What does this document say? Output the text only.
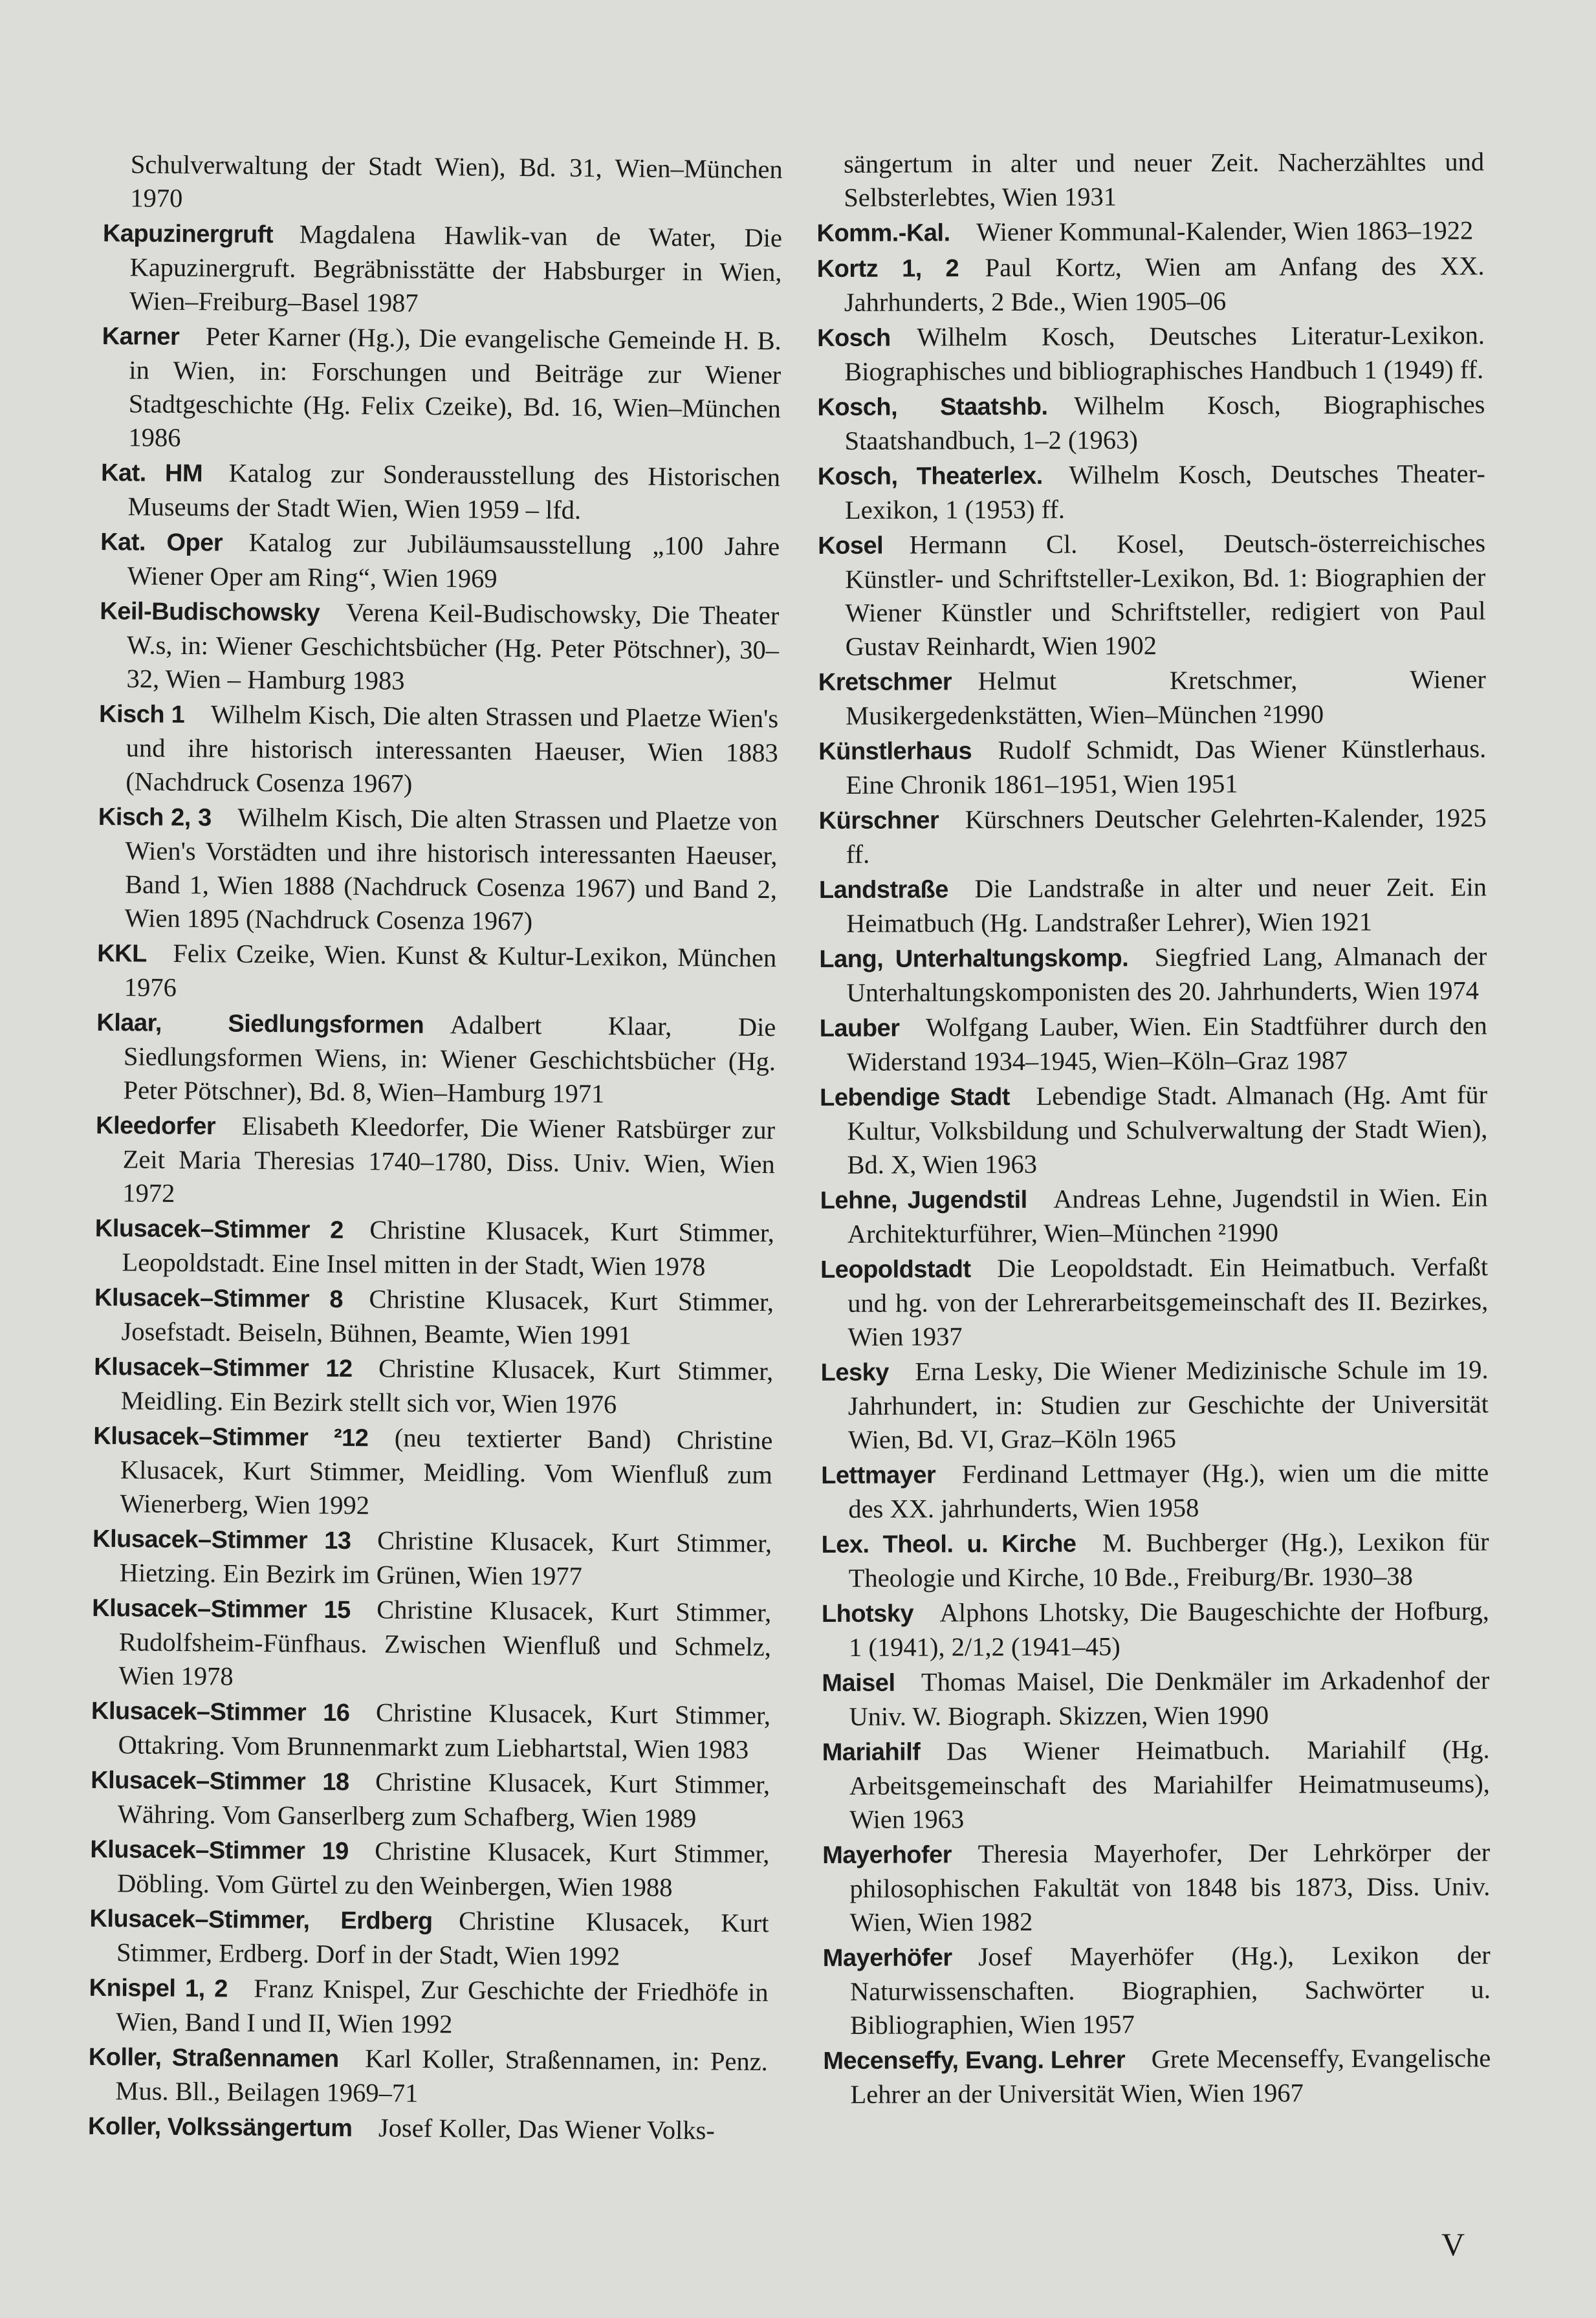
Schulverwaltung der Stadt Wien), Bd. 31, Wien–München 1970
Kapuzinergruft  Magdalena Hawlik-van de Water, Die Kapuzinergruft. Begräbnisstätte der Habsburger in Wien, Wien–Freiburg–Basel 1987
Karner  Peter Karner (Hg.), Die evangelische Gemeinde H. B. in Wien, in: Forschungen und Beiträge zur Wiener Stadtgeschichte (Hg. Felix Czeike), Bd. 16, Wien–München 1986
Kat. HM  Katalog zur Sonderausstellung des Historischen Museums der Stadt Wien, Wien 1959 – lfd.
Kat. Oper  Katalog zur Jubiläumsausstellung „100 Jahre Wiener Oper am Ring“, Wien 1969
Keil-Budischowsky  Verena Keil-Budischowsky, Die Theater W.s, in: Wiener Geschichtsbücher (Hg. Peter Pötschner), 30–32, Wien – Hamburg 1983
Kisch 1  Wilhelm Kisch, Die alten Strassen und Plaetze Wien's und ihre historisch interessanten Haeuser, Wien 1883 (Nachdruck Cosenza 1967)
Kisch 2, 3  Wilhelm Kisch, Die alten Strassen und Plaetze von Wien's Vorstädten und ihre historisch interessanten Haeuser, Band 1, Wien 1888 (Nachdruck Cosenza 1967) und Band 2, Wien 1895 (Nachdruck Cosenza 1967)
KKL  Felix Czeike, Wien. Kunst & Kultur-Lexikon, München 1976
Klaar, Siedlungsformen  Adalbert Klaar, Die Siedlungsformen Wiens, in: Wiener Geschichtsbücher (Hg. Peter Pötschner), Bd. 8, Wien–Hamburg 1971
Kleedorfer  Elisabeth Kleedorfer, Die Wiener Ratsbürger zur Zeit Maria Theresias 1740–1780, Diss. Univ. Wien, Wien 1972
Klusacek–Stimmer 2  Christine Klusacek, Kurt Stimmer, Leopoldstadt. Eine Insel mitten in der Stadt, Wien 1978
Klusacek–Stimmer 8  Christine Klusacek, Kurt Stimmer, Josefstadt. Beiseln, Bühnen, Beamte, Wien 1991
Klusacek–Stimmer 12  Christine Klusacek, Kurt Stimmer, Meidling. Ein Bezirk stellt sich vor, Wien 1976
Klusacek–Stimmer ²12  (neu textierter Band) Christine Klusacek, Kurt Stimmer, Meidling. Vom Wienfluß zum Wienerberg, Wien 1992
Klusacek–Stimmer 13  Christine Klusacek, Kurt Stimmer, Hietzing. Ein Bezirk im Grünen, Wien 1977
Klusacek–Stimmer 15  Christine Klusacek, Kurt Stimmer, Rudolfsheim-Fünfhaus. Zwischen Wienfluß und Schmelz, Wien 1978
Klusacek–Stimmer 16  Christine Klusacek, Kurt Stimmer, Ottakring. Vom Brunnenmarkt zum Liebhartstal, Wien 1983
Klusacek–Stimmer 18  Christine Klusacek, Kurt Stimmer, Währing. Vom Ganserlberg zum Schafberg, Wien 1989
Klusacek–Stimmer 19  Christine Klusacek, Kurt Stimmer, Döbling. Vom Gürtel zu den Weinbergen, Wien 1988
Klusacek–Stimmer, Erdberg  Christine Klusacek, Kurt Stimmer, Erdberg. Dorf in der Stadt, Wien 1992
Knispel 1, 2  Franz Knispel, Zur Geschichte der Friedhöfe in Wien, Band I und II, Wien 1992
Koller, Straßennamen  Karl Koller, Straßennamen, in: Penz. Mus. Bll., Beilagen 1969–71
Koller, Volkssängertum  Josef Koller, Das Wiener Volks-
sängertum in alter und neuer Zeit. Nacherzähltes und Selbsterlebtes, Wien 1931
Komm.-Kal.  Wiener Kommunal-Kalender, Wien 1863–1922
Kortz 1, 2  Paul Kortz, Wien am Anfang des XX. Jahrhunderts, 2 Bde., Wien 1905–06
Kosch  Wilhelm Kosch, Deutsches Literatur-Lexikon. Biographisches und bibliographisches Handbuch 1 (1949) ff.
Kosch, Staatshb.  Wilhelm Kosch, Biographisches Staatshandbuch, 1–2 (1963)
Kosch, Theaterlex.  Wilhelm Kosch, Deutsches Theater-Lexikon, 1 (1953) ff.
Kosel  Hermann Cl. Kosel, Deutsch-österreichisches Künstler- und Schriftsteller-Lexikon, Bd. 1: Biographien der Wiener Künstler und Schriftsteller, redigiert von Paul Gustav Reinhardt, Wien 1902
Kretschmer  Helmut Kretschmer, Wiener Musikergedenkstätten, Wien–München ²1990
Künstlerhaus  Rudolf Schmidt, Das Wiener Künstlerhaus. Eine Chronik 1861–1951, Wien 1951
Kürschner  Kürschners Deutscher Gelehrten-Kalender, 1925 ff.
Landstraße  Die Landstraße in alter und neuer Zeit. Ein Heimatbuch (Hg. Landstraßer Lehrer), Wien 1921
Lang, Unterhaltungskomp.  Siegfried Lang, Almanach der Unterhaltungskomponisten des 20. Jahrhunderts, Wien 1974
Lauber  Wolfgang Lauber, Wien. Ein Stadtführer durch den Widerstand 1934–1945, Wien–Köln–Graz 1987
Lebendige Stadt  Lebendige Stadt. Almanach (Hg. Amt für Kultur, Volksbildung und Schulverwaltung der Stadt Wien), Bd. X, Wien 1963
Lehne, Jugendstil  Andreas Lehne, Jugendstil in Wien. Ein Architekturführer, Wien–München ²1990
Leopoldstadt  Die Leopoldstadt. Ein Heimatbuch. Verfaßt und hg. von der Lehrerarbeitsgemeinschaft des II. Bezirkes, Wien 1937
Lesky  Erna Lesky, Die Wiener Medizinische Schule im 19. Jahrhundert, in: Studien zur Geschichte der Universität Wien, Bd. VI, Graz–Köln 1965
Lettmayer  Ferdinand Lettmayer (Hg.), wien um die mitte des XX. jahrhunderts, Wien 1958
Lex. Theol. u. Kirche  M. Buchberger (Hg.), Lexikon für Theologie und Kirche, 10 Bde., Freiburg/Br. 1930–38
Lhotsky  Alphons Lhotsky, Die Baugeschichte der Hofburg, 1 (1941), 2/1,2 (1941–45)
Maisel  Thomas Maisel, Die Denkmäler im Arkadenhof der Univ. W. Biograph. Skizzen, Wien 1990
Mariahilf  Das Wiener Heimatbuch. Mariahilf (Hg. Arbeitsgemeinschaft des Mariahilfer Heimatmuseums), Wien 1963
Mayerhofer  Theresia Mayerhofer, Der Lehrkörper der philosophischen Fakultät von 1848 bis 1873, Diss. Univ. Wien, Wien 1982
Mayerhöfer  Josef Mayerhöfer (Hg.), Lexikon der Naturwissenschaften. Biographien, Sachwörter u. Bibliographien, Wien 1957
Mecenseffy, Evang. Lehrer  Grete Mecenseffy, Evangelische Lehrer an der Universität Wien, Wien 1967
V
